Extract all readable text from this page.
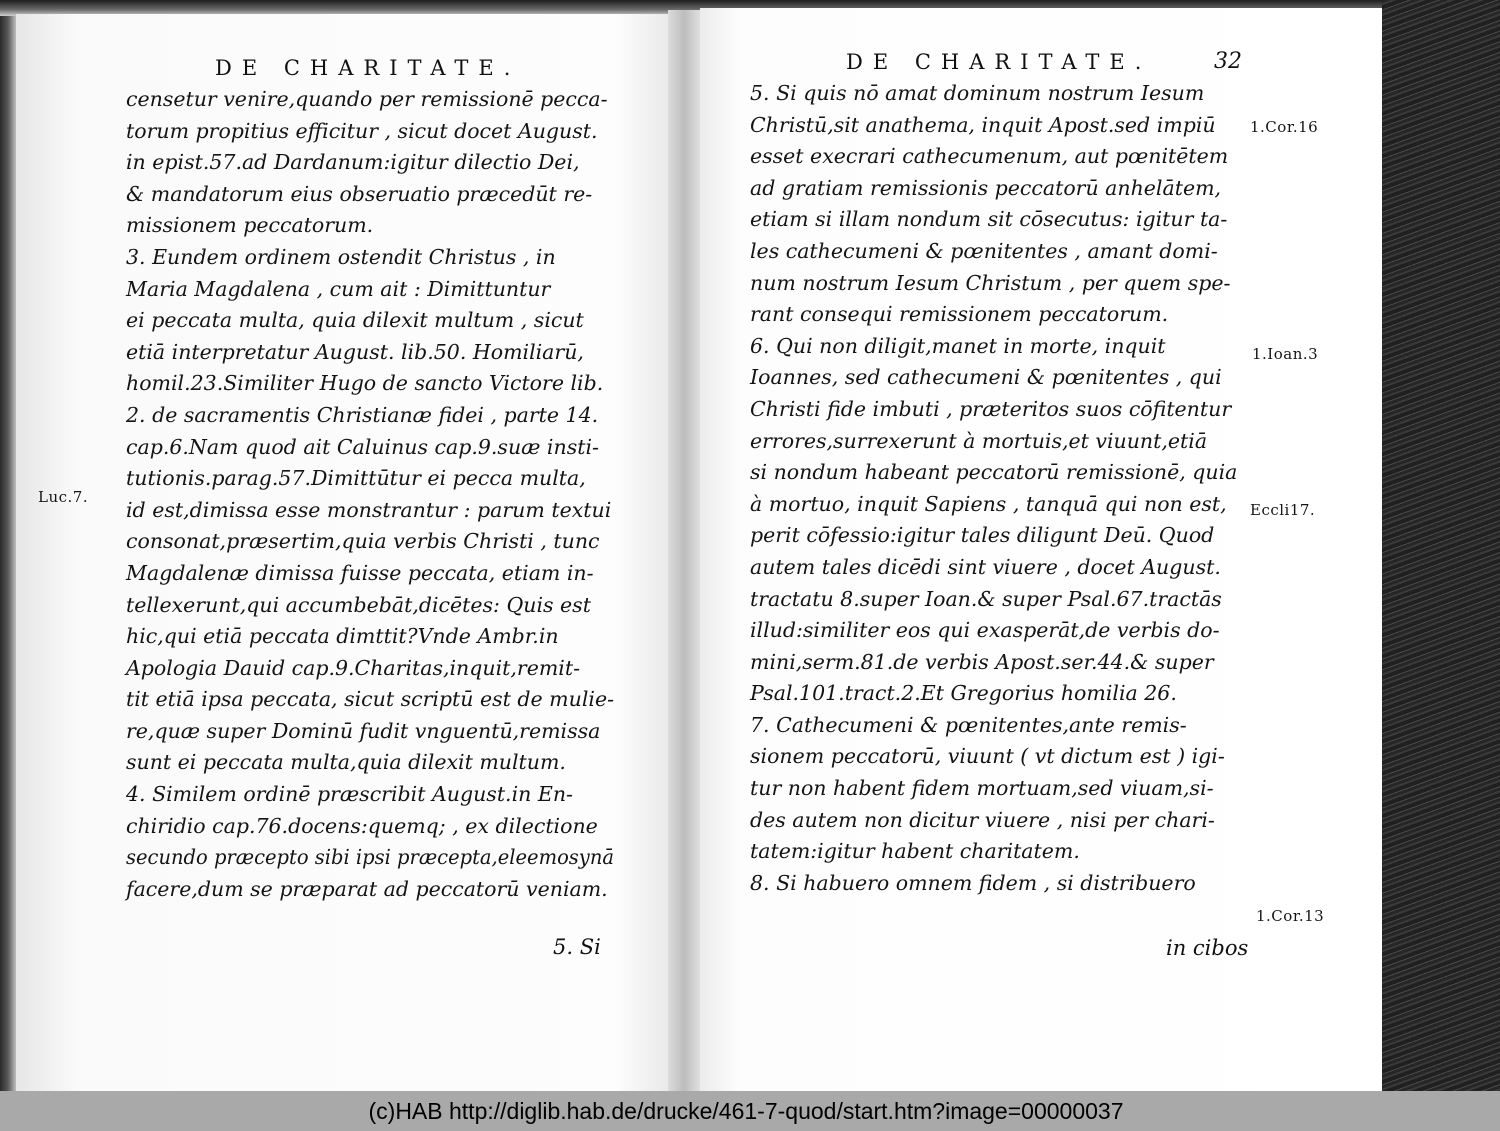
DE CHARITATE.
censetur venire,quando per remissionē pecca-
torum propitius efficitur , sicut docet August.
in epist.57.ad Dardanum:igitur dilectio Dei,
& mandatorum eius obseruatio præcedūt re-
missionem peccatorum.
3. Eundem ordinem ostendit Christus , in
Maria Magdalena , cum ait : Dimittuntur
ei peccata multa, quia dilexit multum , sicut
etiā interpretatur August. lib.50. Homiliarū,
homil.23.Similiter Hugo de sancto Victore lib.
2. de sacramentis Christianæ fidei , parte 14.
cap.6.Nam quod ait Caluinus cap.9.suæ insti-
tutionis.parag.57.Dimittūtur ei pecca multa,
id est,dimissa esse monstrantur : parum textui
consonat,præsertim,quia verbis Christi , tunc
Magdalenæ dimissa fuisse peccata, etiam in-
tellexerunt,qui accumbebāt,dicētes: Quis est
hic,qui etiā peccata dimttit?Vnde Ambr.in
Apologia Dauid cap.9.Charitas,inquit,remit-
tit etiā ipsa peccata, sicut scriptū est de mulie-
re,quæ super Dominū fudit vnguentū,remissa
sunt ei peccata multa,quia dilexit multum.
4. Similem ordinē præscribit August.in En-
chiridio cap.76.docens:quemq; , ex dilectione
secundo præcepto sibi ipsi præcepta,eleemosynā
facere,dum se præparat ad peccatorū veniam.
Luc.7.
5. Si
DE CHARITATE.	32
5. Si quis nō amat dominum nostrum Iesum
Christū,sit anathema, inquit Apost.sed impiū
esset execrari cathecumenum, aut pœnitētem
ad gratiam remissionis peccatorū anhelātem,
etiam si illam nondum sit cōsecutus: igitur ta-
les cathecumeni & pœnitentes , amant domi-
num nostrum Iesum Christum , per quem spe-
rant consequi remissionem peccatorum.
6. Qui non diligit,manet in morte, inquit
Ioannes, sed cathecumeni & pœnitentes , qui
Christi fide imbuti , præteritos suos cōfitentur
errores,surrexerunt à mortuis,et viuunt,etiā
si nondum habeant peccatorū remissionē, quia
à mortuo, inquit Sapiens , tanquā qui non est,
perit cōfessio:igitur tales diligunt Deū. Quod
autem tales dicēdi sint viuere , docet August.
tractatu 8.super Ioan.& super Psal.67.tractās
illud:similiter eos qui exasperāt,de verbis do-
mini,serm.81.de verbis Apost.ser.44.& super
Psal.101.tract.2.Et Gregorius homilia 26.
7. Cathecumeni & pœnitentes,ante remis-
sionem peccatorū, viuunt ( vt dictum est ) igi-
tur non habent fidem mortuam,sed viuam,si-
des autem non dicitur viuere , nisi per chari-
tatem:igitur habent charitatem.
8. Si habuero omnem fidem , si distribuero
1.Cor.16
1.Ioan.3
Eccli17.
1.Cor.13
in cibos
(c)HAB http://diglib.hab.de/drucke/461-7-quod/start.htm?image=00000037
